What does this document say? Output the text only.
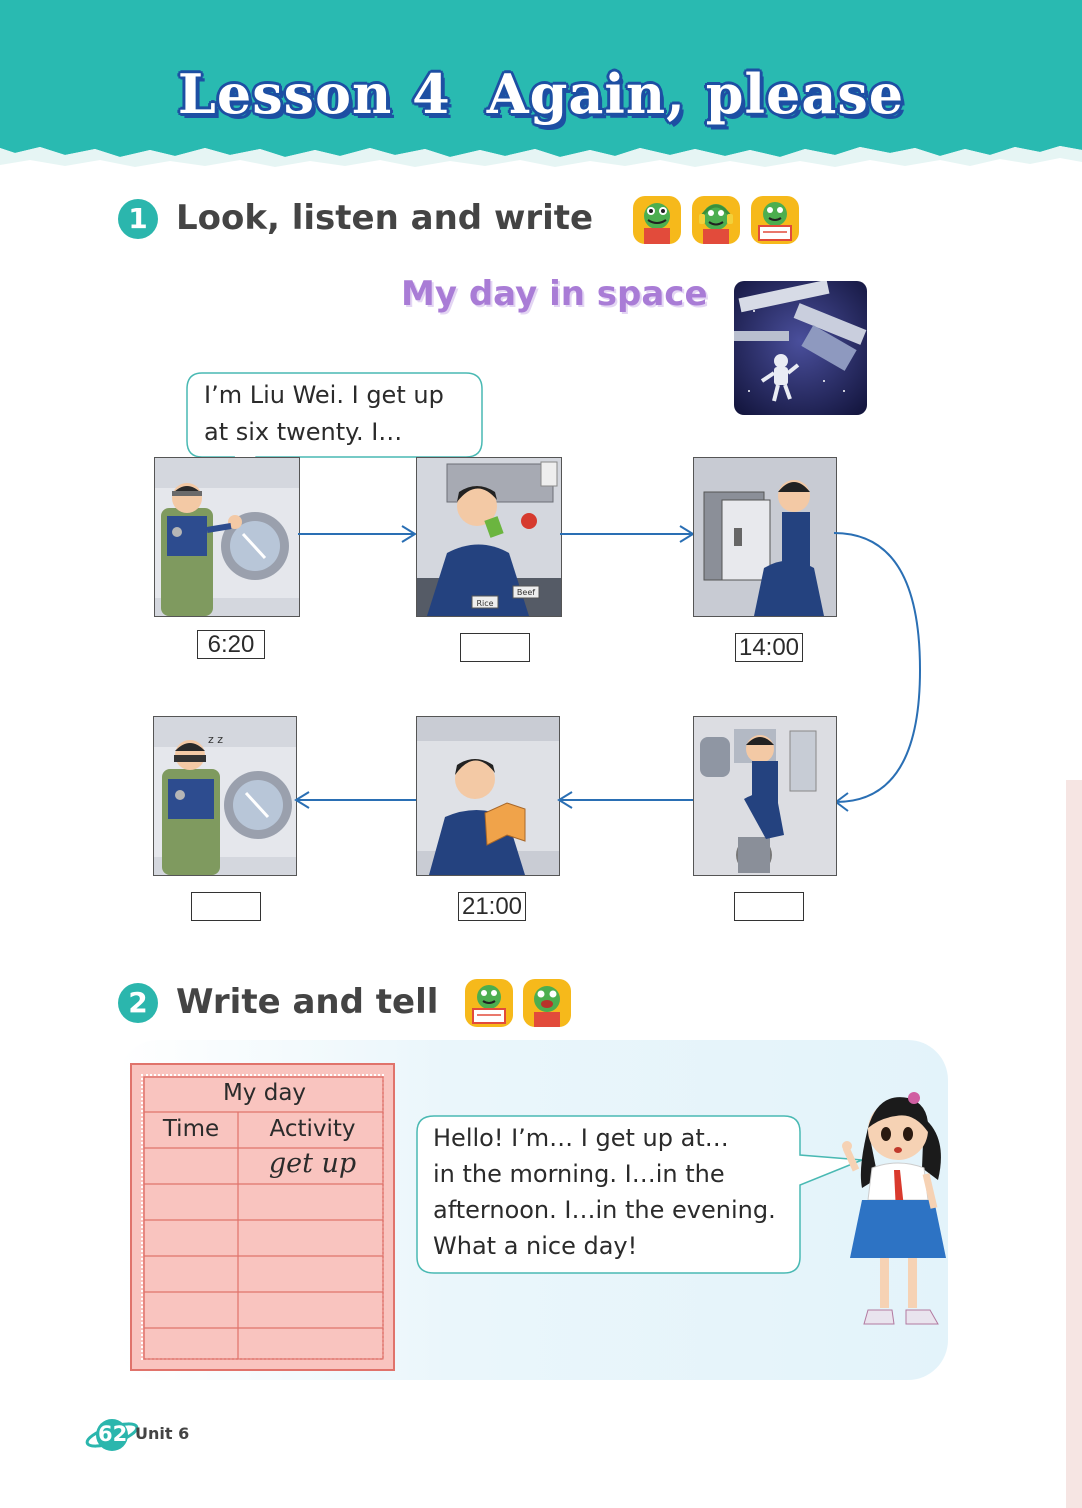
Lesson 4 Again, please
1 Look, listen and write
My day in space
I’m Liu Wei. I get up
at six twenty. I…
6:20
Rice
Beef
14:00
z z
21:00
2 Write and tell
My day
Time	Activity
get up
Hello! I’m… I get up at…
in the morning. I…in the
afternoon. I…in the evening.
What a nice day!
62 Unit 6
